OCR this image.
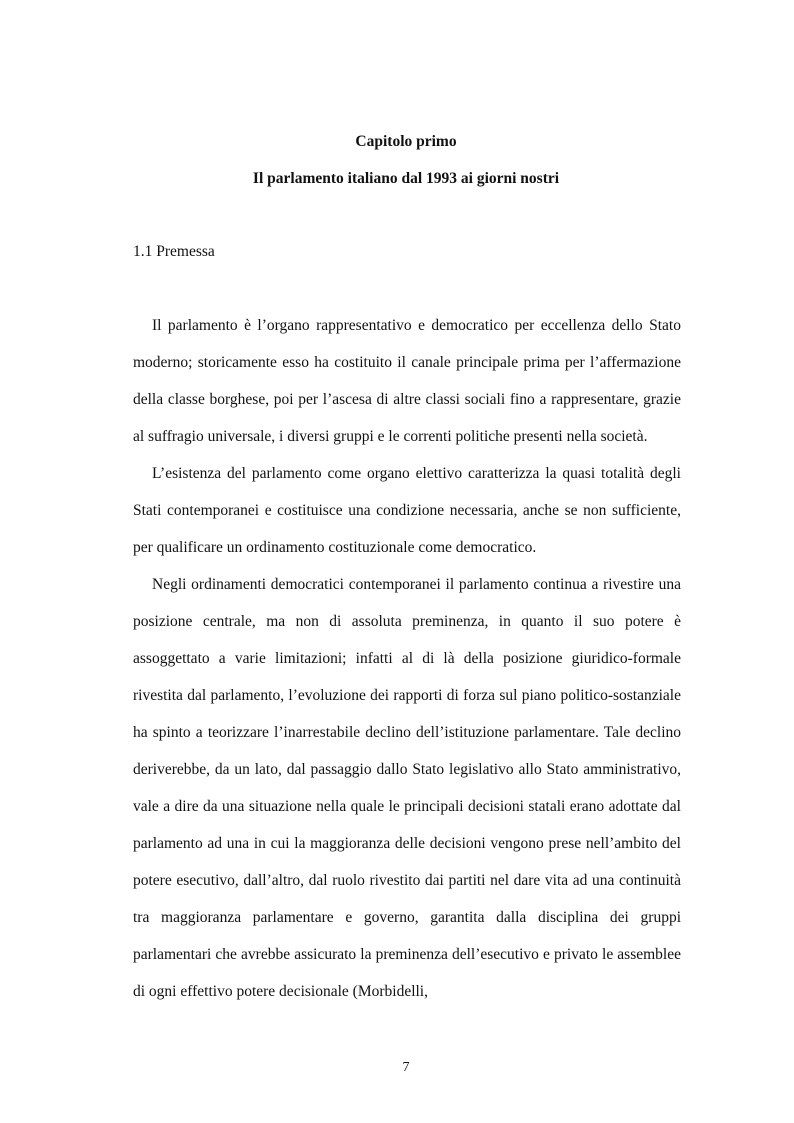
Capitolo primo
Il parlamento italiano dal 1993 ai giorni nostri
1.1 Premessa

Il parlamento è l’organo rappresentativo e democratico per eccellenza dello Stato moderno; storicamente esso ha costituito il canale principale prima per l’affermazione della classe borghese, poi per l’ascesa di altre classi sociali fino a rappresentare, grazie al suffragio universale, i diversi gruppi e le correnti politiche presenti nella società.

L’esistenza del parlamento come organo elettivo caratterizza la quasi totalità degli Stati contemporanei e costituisce una condizione necessaria, anche se non sufficiente, per qualificare un ordinamento costituzionale come democratico.

Negli ordinamenti democratici contemporanei il parlamento continua a rivestire una posizione centrale, ma non di assoluta preminenza, in quanto il suo potere è assoggettato a varie limitazioni; infatti al di là della posizione giuridico-formale rivestita dal parlamento, l’evoluzione dei rapporti di forza sul piano politico-sostanziale ha spinto a teorizzare l’inarrestabile declino dell’istituzione parlamentare. Tale declino deriverebbe, da un lato, dal passaggio dallo Stato legislativo allo Stato amministrativo, vale a dire da una situazione nella quale le principali decisioni statali erano adottate dal parlamento ad una in cui la maggioranza delle decisioni vengono prese nell’ambito del potere esecutivo, dall’altro, dal ruolo rivestito dai partiti nel dare vita ad una continuità tra maggioranza parlamentare e governo, garantita dalla disciplina dei gruppi parlamentari che avrebbe assicurato la preminenza dell’esecutivo e privato le assemblee di ogni effettivo potere decisionale (Morbidelli,

7
